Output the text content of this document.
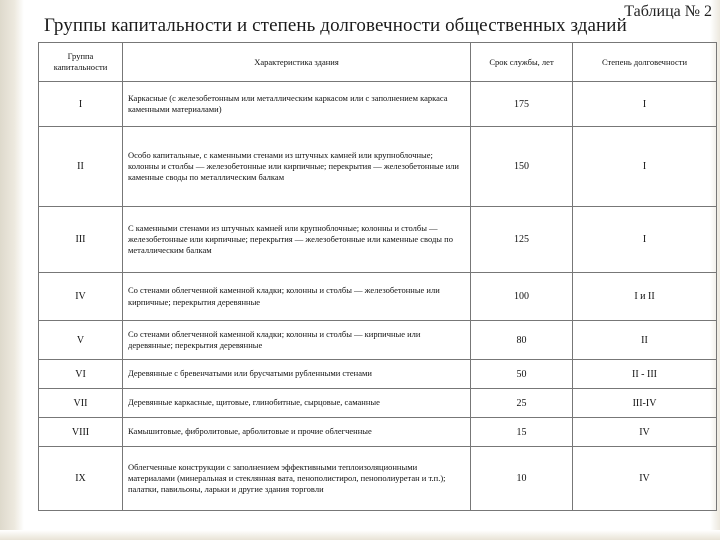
Таблица № 2
Группы капитальности и степень долговечности общественных зданий
Группа капитальности	Характеристика здания	Срок службы, лет	Степень долговечности
I	Каркасные (с железобетонным или металлическим каркасом или с заполнением каркаса каменными материалами)	175	I
II	Особо капитальные, с каменными стенами из штучных камней или крупноблочные; колонны и столбы — железобетонные или кирпичные; перекрытия — железобетонные или каменные своды по металлическим балкам	150	I
III	С каменными стенами из штучных камней или крупноблочные; колонны и столбы — железобетонные или кирпичные; перекрытия — железобетонные или каменные своды по металлическим балкам	125	I
IV	Со стенами облегченной каменной кладки; колонны и столбы — железобетонные или кирпичные; перекрытия деревянные	100	I и II
V	Со стенами облегченной каменной кладки; колонны и столбы — кирпичные или деревянные; перекрытия деревянные	80	II
VI	Деревянные с бревенчатыми или брусчатыми рубленными стенами	50	II - III
VII	Деревянные каркасные, щитовые, глинобитные, сырцовые, саманные	25	III-IV
VIII	Камышитовые, фибролитовые, арболитовые и прочие облегченные	15	IV
IX	Облегченные конструкции с заполнением эффективными теплоизоляционными материалами (минеральная и стеклянная вата, пенополистирол, пенополиуретан и т.п.); палатки, павильоны, ларьки и другие здания торговли	10	IV
